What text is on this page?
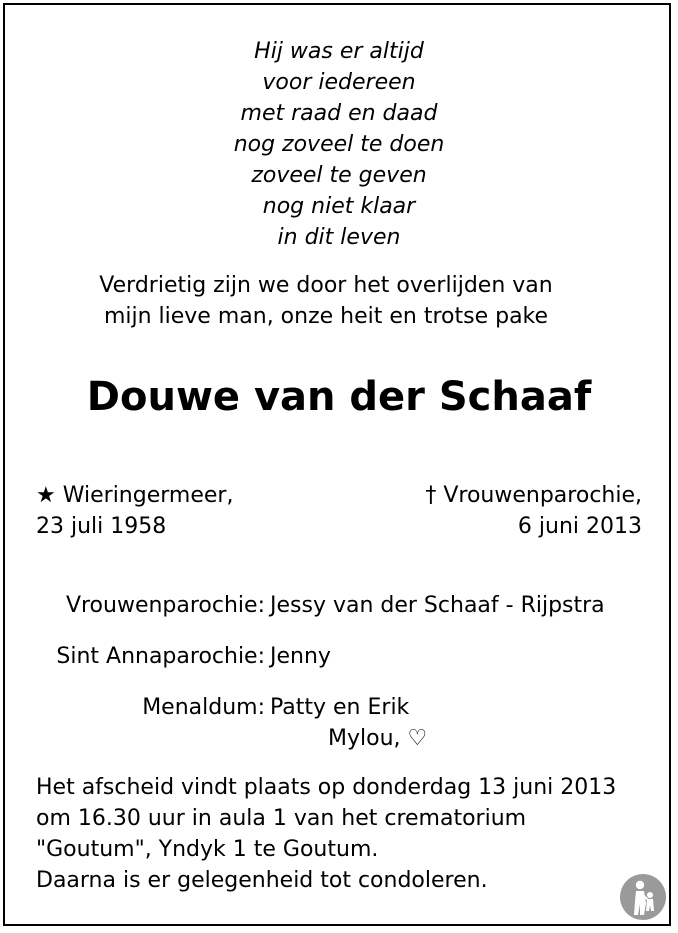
Hij was er altijd
voor iedereen
met raad en daad
nog zoveel te doen
zoveel te geven
nog niet klaar
in dit leven
Verdrietig zijn we door het overlijden van
mijn lieve man, onze heit en trotse pake
Douwe van der Schaaf
★ Wieringermeer,
23 juli 1958
† Vrouwenparochie,
6 juni 2013
Vrouwenparochie: Jessy van der Schaaf - Rijpstra
Sint Annaparochie: Jenny
Menaldum: Patty en Erik
Mylou, ♡
Het afscheid vindt plaats op donderdag 13 juni 2013
om 16.30 uur in aula 1 van het crematorium
"Goutum", Yndyk 1 te Goutum.
Daarna is er gelegenheid tot condoleren.
